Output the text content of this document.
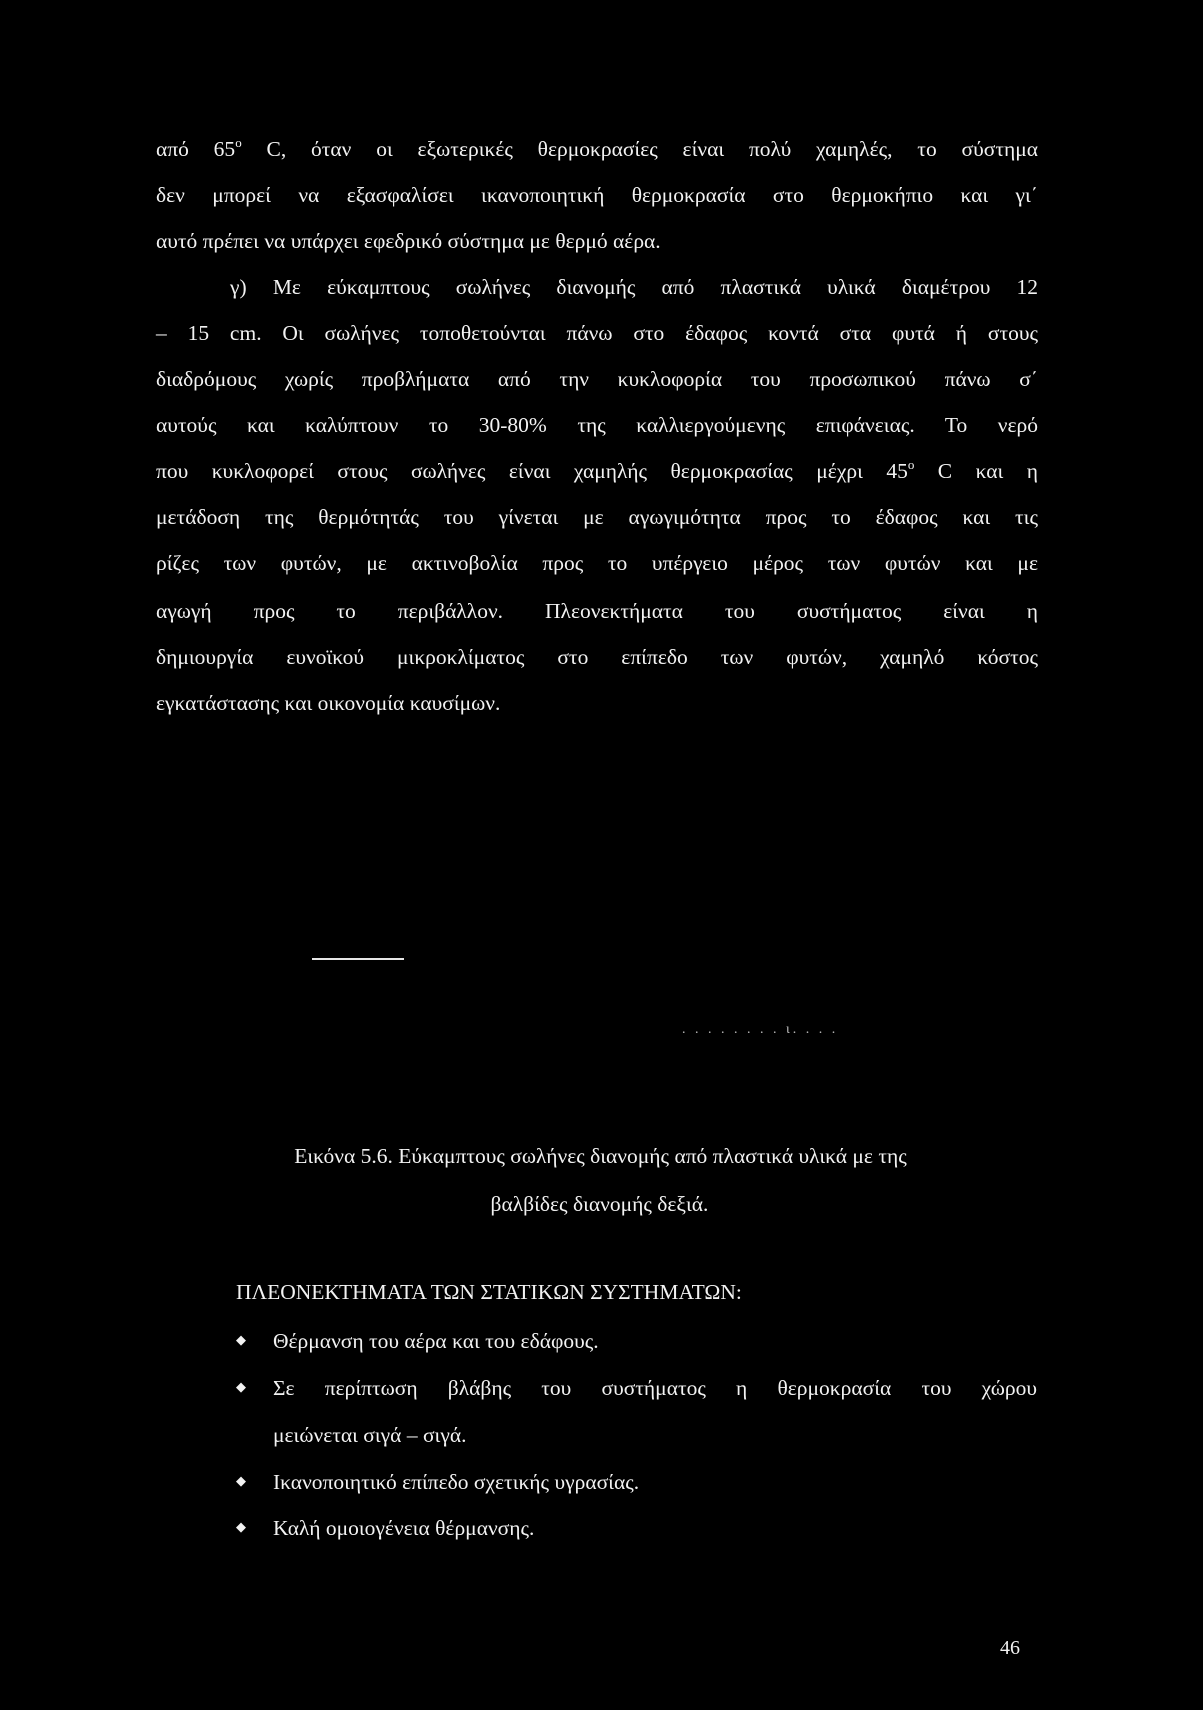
από $65^o$ C, όταν οι εξωτερικές θερμοκρασίες είναι πολύ χαμηλές, το σύστημα
δεν μπορεί να εξασφαλίσει ικανοποιητική θερμοκρασία στο θερμοκήπιο και γι΄
αυτό πρέπει να υπάρχει εφεδρικό σύστημα με θερμό αέρα.
γ) Με εύκαμπτους σωλήνες διανομής από πλαστικά υλικά διαμέτρου 12
– 15 cm. Οι σωλήνες τοποθετούνται πάνω στο έδαφος κοντά στα φυτά ή στους
διαδρόμους χωρίς προβλήματα από την κυκλοφορία του προσωπικού πάνω σ΄
αυτούς και καλύπτουν το 30-80% της καλλιεργούμενης επιφάνειας. Το νερό
που κυκλοφορεί στους σωλήνες είναι χαμηλής θερμοκρασίας μέχρι $45^o$ C και η
μετάδοση της θερμότητάς του γίνεται με αγωγιμότητα προς το έδαφος και τις
ρίζες των φυτών, με ακτινοβολία προς το υπέργειο μέρος των φυτών και με
αγωγή προς το περιβάλλον. Πλεονεκτήματα του συστήματος είναι η
δημιουργία ευνοϊκού μικροκλίματος στο επίπεδο των φυτών, χαμηλό κόστος
εγκατάστασης και οικονομία καυσίμων.
. . . . . . . . ι. . . .
Εικόνα 5.6. Εύκαμπτους σωλήνες διανομής από πλαστικά υλικά με της
βαλβίδες διανομής δεξιά.
ΠΛΕΟΝΕΚΤΗΜΑΤΑ ΤΩΝ ΣΤΑΤΙΚΩΝ ΣΥΣΤΗΜΑΤΩΝ:
◆ Θέρμανση του αέρα και του εδάφους.
◆ Σε περίπτωση βλάβης του συστήματος η θερμοκρασία του χώρου
μειώνεται σιγά – σιγά.
◆ Ικανοποιητικό επίπεδο σχετικής υγρασίας.
◆ Καλή ομοιογένεια θέρμανσης.
46
